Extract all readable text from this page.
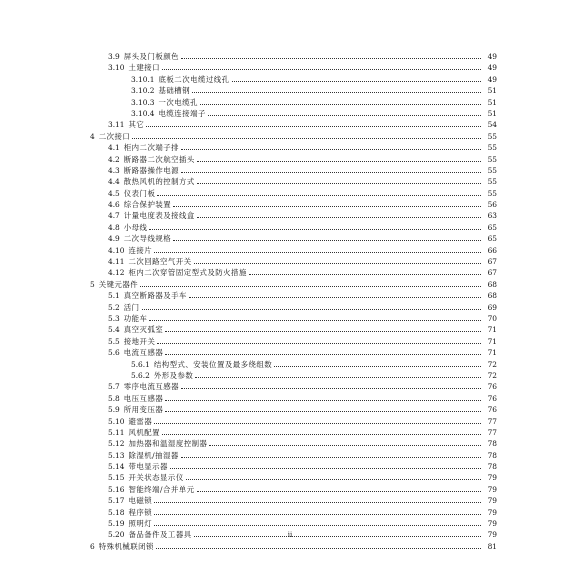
3.9 屏头及门板颜色	49
3.10 土建接口	49
3.10.1 底板二次电缆过线孔	49
3.10.2 基础槽钢	51
3.10.3 一次电缆孔	51
3.10.4 电缆连接端子	51
3.11 其它	54
4 二次接口	55
4.1 柜内二次端子排	55
4.2 断路器二次航空插头	55
4.3 断路器操作电源	55
4.4 散热风机的控制方式	55
4.5 仪表门板	55
4.6 综合保护装置	56
4.7 计量电度表及接线盒	63
4.8 小母线	65
4.9 二次导线规格	65
4.10 连接片	66
4.11 二次回路空气开关	67
4.12 柜内二次穿管固定型式及防火措施	67
5 关键元器件	68
5.1 真空断路器及手车	68
5.2 活门	69
5.3 功能车	70
5.4 真空灭弧室	71
5.5 接地开关	71
5.6 电流互感器	71
5.6.1 结构型式、安装位置及最多绕组数	72
5.6.2 外形及参数	72
5.7 零序电流互感器	76
5.8 电压互感器	76
5.9 所用变压器	76
5.10 避雷器	77
5.11 风机配置	77
5.12 加热器和温湿度控制器	78
5.13 除湿机/抽湿器	78
5.14 带电显示器	78
5.15 开关状态显示仪	79
5.16 智能终端/合并单元	79
5.17 电磁锁	79
5.18 程序锁	79
5.19 照明灯	79
5.20 备品备件及工器具	79
6 特殊机械联闭锁	81
ii
